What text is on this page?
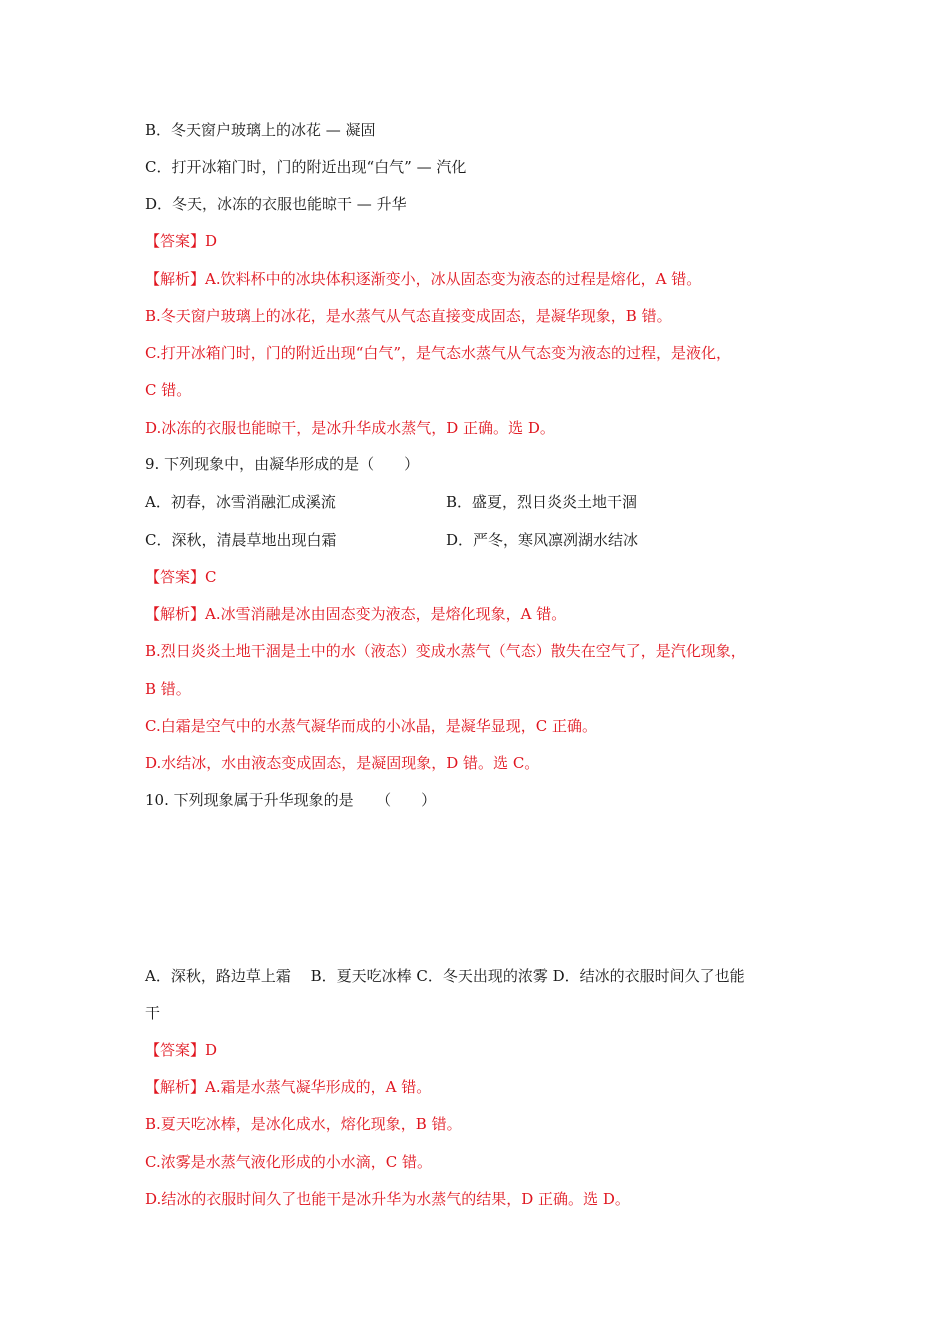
B．冬天窗户玻璃上的冰花 — 凝固
C．打开冰箱门时，门的附近出现“白气” — 汽化
D．冬天，冰冻的衣服也能晾干 — 升华
【答案】D
【解析】A.饮料杯中的冰块体积逐渐变小，冰从固态变为液态的过程是熔化，A 错。
B.冬天窗户玻璃上的冰花，是水蒸气从气态直接变成固态，是凝华现象，B 错。
C.打开冰箱门时，门的附近出现“白气”，是气态水蒸气从气态变为液态的过程，是液化，
C 错。
D.冰冻的衣服也能晾干，是冰升华成水蒸气，D 正确。选 D。
9. 下列现象中，由凝华形成的是（　　）
A．初春，冰雪消融汇成溪流	B．盛夏，烈日炎炎土地干涸
C．深秋，清晨草地出现白霜	D．严冬，寒风凛冽湖水结冰
【答案】C
【解析】A.冰雪消融是冰由固态变为液态，是熔化现象，A 错。
B.烈日炎炎土地干涸是土中的水（液态）变成水蒸气（气态）散失在空气了，是汽化现象，
B 错。
C.白霜是空气中的水蒸气凝华而成的小冰晶，是凝华显现，C 正确。
D.水结冰，水由液态变成固态，是凝固现象，D 错。选 C。
10. 下列现象属于升华现象的是　　（　　）
A．深秋，路边草上霜　 B．夏天吃冰棒 C．冬天出现的浓雾 D．结冰的衣服时间久了也能
干
【答案】D
【解析】A.霜是水蒸气凝华形成的，A 错。
B.夏天吃冰棒，是冰化成水，熔化现象，B 错。
C.浓雾是水蒸气液化形成的小水滴，C 错。
D.结冰的衣服时间久了也能干是冰升华为水蒸气的结果，D 正确。选 D。
